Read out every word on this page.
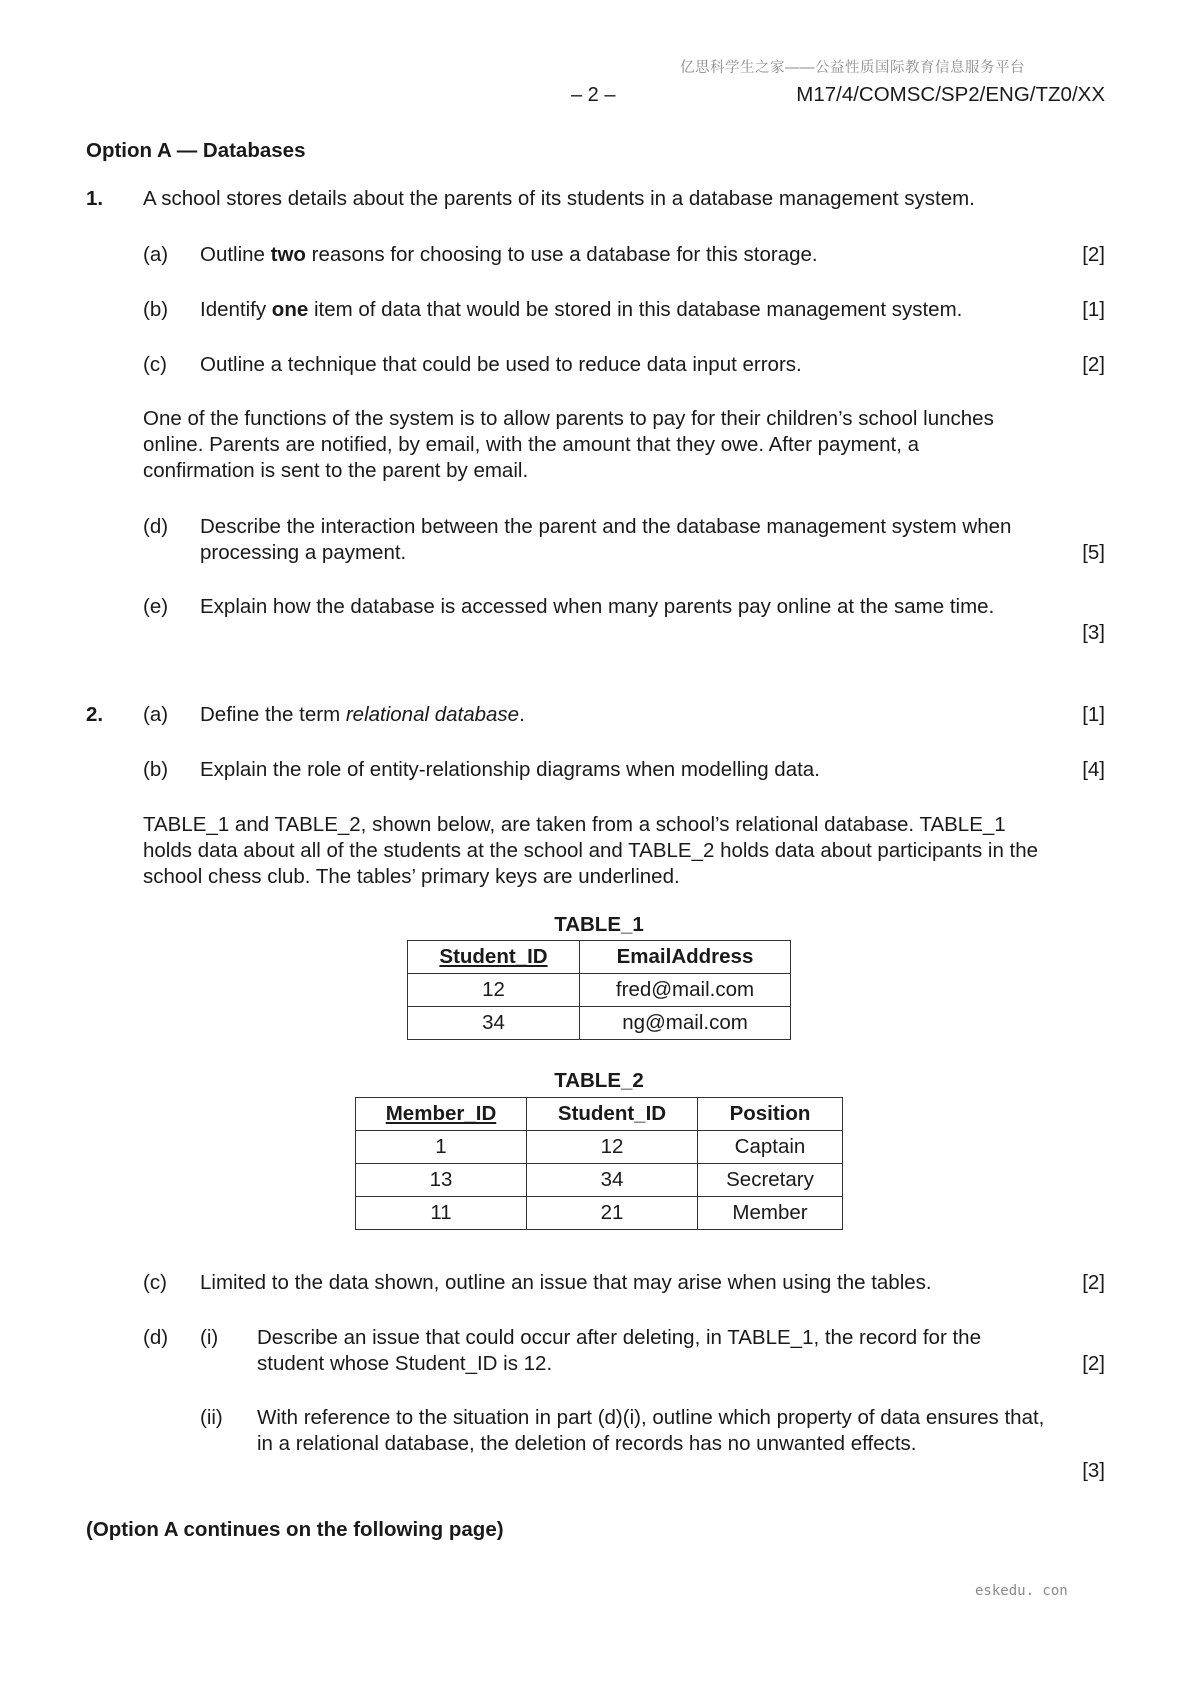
亿思科学生之家——公益性质国际教育信息服务平台
– 2 –	M17/4/COMSC/SP2/ENG/TZ0/XX
Option A — Databases
1. A school stores details about the parents of its students in a database management system.
(a) Outline two reasons for choosing to use a database for this storage.	[2]
(b) Identify one item of data that would be stored in this database management system.	[1]
(c) Outline a technique that could be used to reduce data input errors.	[2]
One of the functions of the system is to allow parents to pay for their children’s school lunches online. Parents are notified, by email, with the amount that they owe. After payment, a confirmation is sent to the parent by email.
(d) Describe the interaction between the parent and the database management system when processing a payment.	[5]
(e) Explain how the database is accessed when many parents pay online at the same time.
[3]
2. (a) Define the term relational database.	[1]
(b) Explain the role of entity-relationship diagrams when modelling data.	[4]
TABLE_1 and TABLE_2, shown below, are taken from a school’s relational database. TABLE_1 holds data about all of the students at the school and TABLE_2 holds data about participants in the school chess club. The tables’ primary keys are underlined.
TABLE_1
Student_ID	EmailAddress
12	fred@mail.com
34	ng@mail.com
TABLE_2
Member_ID	Student_ID	Position
1	12	Captain
13	34	Secretary
11	21	Member
(c) Limited to the data shown, outline an issue that may arise when using the tables.	[2]
(d) (i) Describe an issue that could occur after deleting, in TABLE_1, the record for the student whose Student_ID is 12.	[2]
(ii) With reference to the situation in part (d)(i), outline which property of data ensures that, in a relational database, the deletion of records has no unwanted effects.
[3]
(Option A continues on the following page)
eskedu. con
